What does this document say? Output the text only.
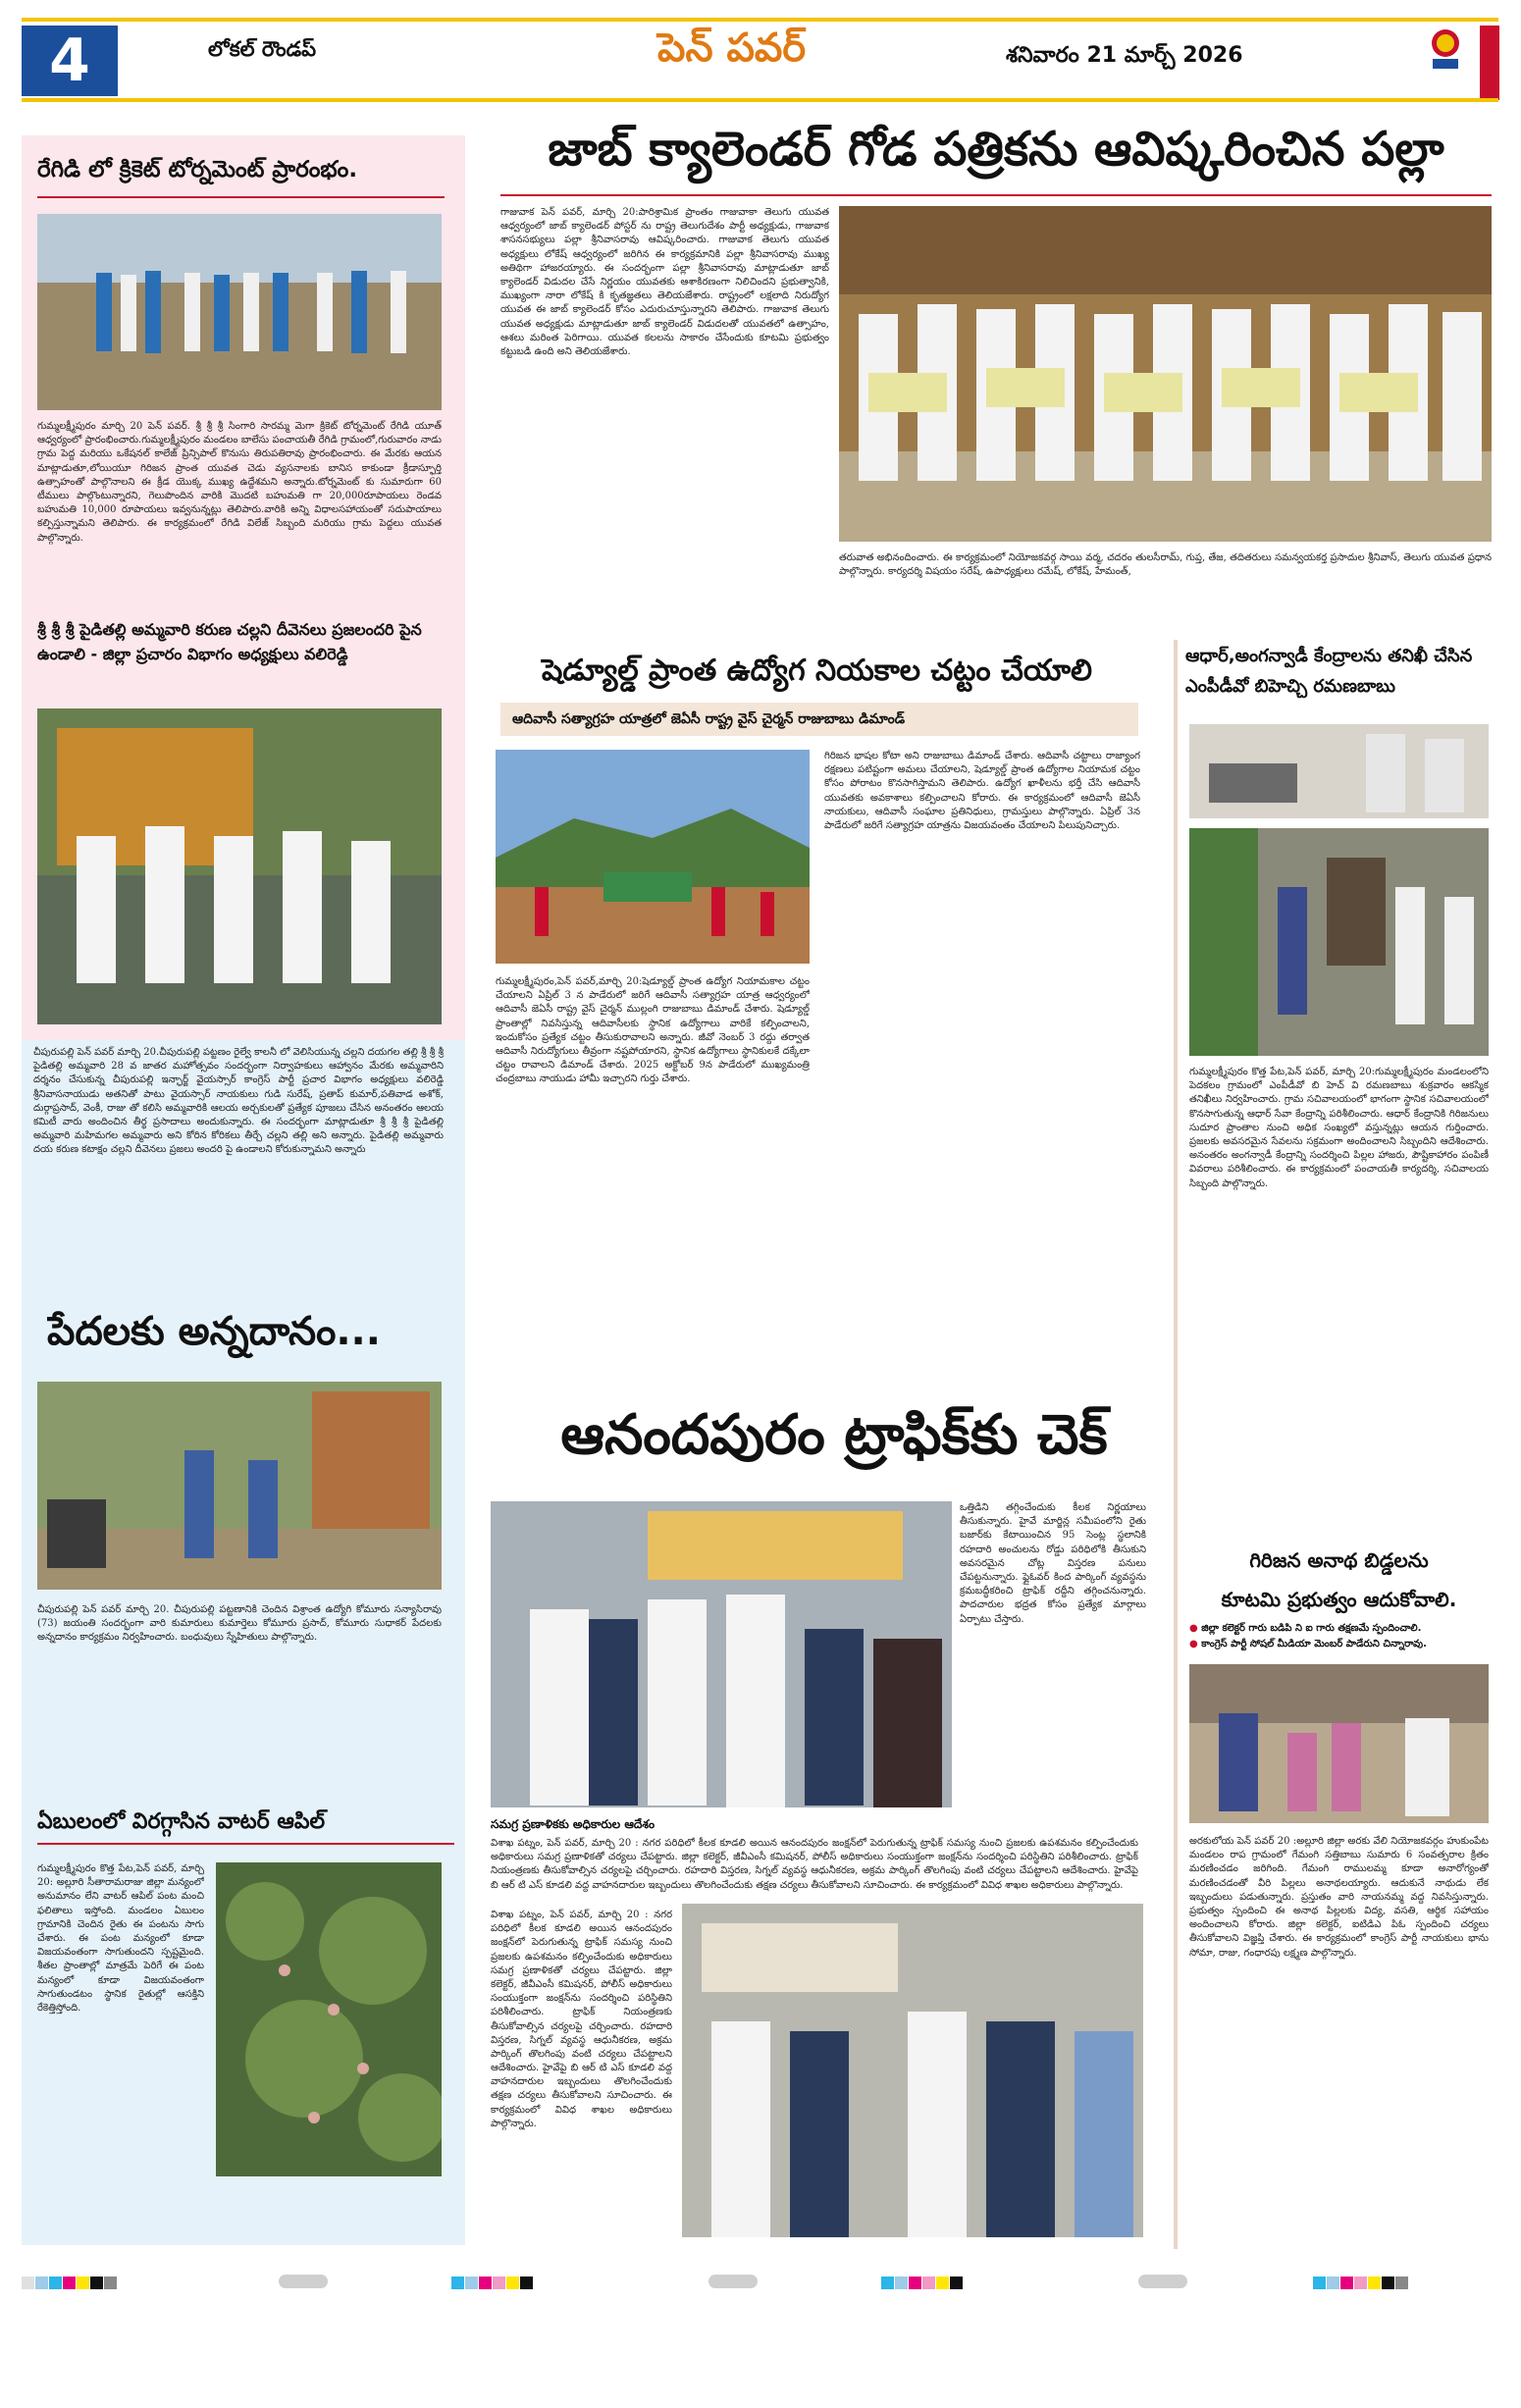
4	లోకల్ రౌండప్	పెన్ పవర్	శనివారం 21 మార్చ్ 2026
రేగిడి లో క్రికెట్ టోర్నమెంట్ ప్రారంభం.
గుమ్మలక్ష్మీపురం మార్చి 20 పెన్ పవర్. శ్రీ శ్రీ శ్రీ సింగారి సారమ్మ మెగా క్రికెట్ టోర్నమెంట్ రేగిడి యూత్ ఆధ్వర్యంలో ప్రారంభించారు.గుమ్మలక్ష్మీపురం మండలం బాలేసు పంచాయతీ రేగిడి గ్రామంలో,గురువారం నాడు గ్రామ పెద్ద మరియు ఒకేషనల్ కాలేజ్ ప్రిన్సిపాల్ కొనుసు తిరుపతిరావు ప్రారంభించారు. ఈ మేరకు ఆయన మాట్లాడుతూ,లోయియూ గిరిజన ప్రాంత యువత చెడు వ్యసనాలకు బానిస కాకుండా క్రీడాస్ఫూర్తి ఉత్సాహంతో పాల్గొనాలని ఈ క్రీడ యొక్క ముఖ్య ఉద్దేశమని అన్నారు.టోర్నమెంట్ కు సుమారుగా 60 టీములు పాల్గొంటున్నారని, గెలుపొందిన వారికి మొదటి బహుమతి గా 20,000రూపాయలు రెండవ బహుమతి 10,000 రూపాయలు ఇవ్వనున్నట్లు తెలిపారు.వారికి అన్ని విధాలసహాయంతో సదుపాయాలు కల్పిస్తున్నామని తెలిపారు. ఈ కార్యక్రమంలో రేగిడి విలేజ్ సిబ్బంది మరియు గ్రామ పెద్దలు యువత పాల్గొన్నారు.
శ్రీ శ్రీ శ్రీ పైడితల్లి అమ్మవారి కరుణ చల్లని దీవెనలు ప్రజలందరి పైన ఉండాలి - జిల్లా ప్రచారం విభాగం అధ్యక్షులు వలిరెడ్డి
చీపురుపల్లి పెన్ పవర్ మార్చి 20.చీపురుపల్లి పట్టణం రైల్వే కాలనీ లో వెలిసియున్న చల్లని దయగల తల్లి శ్రీ శ్రీ శ్రీ పైడితల్లి అమ్మవారి 28 వ జాతర మహోత్సవం సందర్భంగా నిర్వాహకులు ఆహ్వానం మేరకు అమ్మవారిని దర్శనం చేసుకున్న చీపురుపల్లి ఇన్ఛార్జ్ వైయస్సార్ కాంగ్రెస్ పార్టీ ప్రచార విభాగం అధ్యక్షులు వలిరెడ్డి శ్రీనివాసనాయుడు అతనితో పాటు వైయస్సార్ నాయకులు గుడి సురేష్, ప్రతాప్ కుమార్,పతివాడ అశోక్, దుర్గాప్రసాద్, వెంకీ, రాజు తో కలిసి అమ్మవారికి ఆలయ అర్చకులతో ప్రత్యేక పూజలు చేసిన అనంతరం ఆలయ కమిటీ వారు అందించిన తీర్థ ప్రసాదాలు అందుకున్నారు. ఈ సందర్భంగా మాట్లాడుతూ శ్రీ శ్రీ శ్రీ పైడితల్లి అమ్మవారి మహిమగల అమ్మవారు అని కోరిన కోరికలు తీర్చే చల్లని తల్లి అని అన్నారు. పైడితల్లి అమ్మవారు దయ కరుణ కటాక్షం చల్లని దీవెనలు ప్రజలు అందరి పై ఉండాలని కోరుకున్నామని అన్నారు
పేదలకు అన్నదానం...
చీపురుపల్లి పెన్ పవర్ మార్చి 20. చీపురుపల్లి పట్టణానికి చెందిన విశ్రాంత ఉద్యోగి కోమూరు సన్యాసిరావు (73) జయంతి సందర్భంగా వారి కుమారులు కుమార్తెలు కోమూరు ప్రసాద్, కోమూరు సుధాకర్ పేదలకు అన్నదానం కార్యక్రమం నిర్వహించారు. బంధువులు స్నేహితులు పాల్గొన్నారు.
ఏబులంలో విరగ్గాసిన వాటర్ ఆపిల్
గుమ్మలక్ష్మీపురం కొత్త పేట,పెన్ పవర్, మార్చి 20: అల్లూరి సీతారామరాజు జిల్లా మన్యంలో అనుమానం లేని వాటర్ ఆపిల్ పంట మంచి ఫలితాలు ఇస్తోంది. మండలం ఏబులం గ్రామానికి చెందిన రైతు ఈ పంటను సాగు చేశారు. ఈ పంట మన్యంలో కూడా విజయవంతంగా సాగుతుందని స్పష్టమైంది. శీతల ప్రాంతాల్లో మాత్రమే పెరిగే ఈ పంట మన్యంలో కూడా విజయవంతంగా సాగుతుండటం స్థానిక రైతుల్లో ఆసక్తిని రేకెత్తిస్తోంది.
జాబ్ క్యాలెండర్ గోడ పత్రికను ఆవిష్కరించిన పల్లా
గాజువాక పెన్ పవర్, మార్చి 20:పారిశ్రామిక ప్రాంతం గాజువాకా తెలుగు యువత ఆధ్వర్యంలో జాబ్ క్యాలెండర్ పోస్టర్ ను రాష్ట్ర తెలుగుదేశం పార్టీ అధ్యక్షుడు, గాజువాక శాసనసభ్యులు పల్లా శ్రీనివాసరావు ఆవిష్కరించారు. గాజువాక తెలుగు యువత అధ్యక్షులు లోకేష్ ఆధ్వర్యంలో జరిగిన ఈ కార్యక్రమానికి పల్లా శ్రీనివాసరావు ముఖ్య అతిథిగా హాజరయ్యారు. ఈ సందర్భంగా పల్లా శ్రీనివాసరావు మాట్లాడుతూ జాబ్ క్యాలెండర్ విడుదల చేసే నిర్ణయం యువతకు ఆశాకిరణంగా నిలిచిందని ప్రభుత్వానికి, ముఖ్యంగా నారా లోకేష్ కి కృతజ్ఞతలు తెలియజేశారు. రాష్ట్రంలో లక్షలాది నిరుద్యోగ యువత ఈ జాబ్ క్యాలెండర్ కోసం ఎదురుచూస్తున్నారని తెలిపారు. గాజువాక తెలుగు యువత అధ్యక్షుడు మాట్లాడుతూ జాబ్ క్యాలెండర్ విడుదలతో యువతలో ఉత్సాహం, ఆశలు మరింత పెరిగాయి. యువత కలలను సాకారం చేసేందుకు కూటమి ప్రభుత్వం కట్టుబడి ఉంది అని తెలియజేశారు.
తరువాత అభినందించారు. ఈ కార్యక్రమంలో నియోజకవర్గ సాయి వర్మ, చదరం తులసీరామ్, గుప్త, తేజ, తదితరులు సమన్వయకర్త ప్రసాదుల శ్రీనివాస్, తెలుగు యువత ప్రధాన పాల్గొన్నారు. కార్యదర్శి విషయం సరేష్, ఉపాధ్యక్షులు రమేష్, లోకేష్, హేమంత్,
షెడ్యూల్డ్ ప్రాంత ఉద్యోగ నియకాల చట్టం చేయాలి
ఆదివాసీ సత్యాగ్రహ యాత్రలో జెఏసీ రాష్ట్ర వైస్ చైర్మన్ రాజుబాబు డిమాండ్
గుమ్మలక్ష్మీపురం,పెన్ పవర్,మార్చి 20:షెడ్యూల్డ్ ప్రాంత ఉద్యోగ నియామకాల చట్టం చేయాలని ఏప్రిల్ 3 న పాడేరులో జరిగే ఆదివాసీ సత్యాగ్రహ యాత్ర ఆధ్వర్యంలో ఆదివాసీ జెఏసీ రాష్ట్ర వైస్ చైర్మన్ ముల్లంగి రాజుబాబు డిమాండ్ చేశారు. షెడ్యూల్డ్ ప్రాంతాల్లో నివసిస్తున్న ఆదివాసీలకు స్థానిక ఉద్యోగాలు వారికే కల్పించాలని, ఇందుకోసం ప్రత్యేక చట్టం తీసుకురావాలని అన్నారు. జీవో నెంబర్ 3 రద్దు తర్వాత ఆదివాసీ నిరుద్యోగులు తీవ్రంగా నష్టపోయారని, స్థానిక ఉద్యోగాలు స్థానికులకే దక్కేలా చట్టం రావాలని డిమాండ్ చేశారు. 2025 అక్టోబర్ 9న పాడేరులో ముఖ్యమంత్రి చంద్రబాబు నాయుడు హామీ ఇచ్చారని గుర్తు చేశారు.
గిరిజన భాషల కోటా అని రాజుబాబు డిమాండ్ చేశారు. ఆదివాసీ చట్టాలు రాజ్యాంగ రక్షణలు పటిష్టంగా అమలు చేయాలని, షెడ్యూల్డ్ ప్రాంత ఉద్యోగాల నియామక చట్టం కోసం పోరాటం కొనసాగిస్తామని తెలిపారు. ఉద్యోగ ఖాళీలను భర్తీ చేసి ఆదివాసీ యువతకు అవకాశాలు కల్పించాలని కోరారు. ఈ కార్యక్రమంలో ఆదివాసీ జెఏసీ నాయకులు, ఆదివాసీ సంఘాల ప్రతినిధులు, గ్రామస్తులు పాల్గొన్నారు. ఏప్రిల్ 3న పాడేరులో జరిగే సత్యాగ్రహ యాత్రను విజయవంతం చేయాలని పిలుపునిచ్చారు.
ఆధార్,అంగన్వాడీ కేంద్రాలను తనిఖీ చేసిన ఎంపీడీవో బిహెచ్చి రమణబాబు
గుమ్మలక్ష్మీపురం కొత్త పేట,పెన్ పవర్, మార్చి 20:గుమ్మలక్ష్మీపురం మండలంలోని పెదకలం గ్రామంలో ఎంపీడీవో బి హెచ్ వి రమణబాబు శుక్రవారం ఆకస్మిక తనిఖీలు నిర్వహించారు. గ్రామ సచివాలయంలో భాగంగా స్థానిక సచివాలయంలో కొనసాగుతున్న ఆధార్ సేవా కేంద్రాన్ని పరిశీలించారు. ఆధార్ కేంద్రానికి గిరిజనులు సుదూర ప్రాంతాల నుంచి అధిక సంఖ్యలో వస్తున్నట్లు ఆయన గుర్తించారు. ప్రజలకు అవసరమైన సేవలను సక్రమంగా అందించాలని సిబ్బందిని ఆదేశించారు. అనంతరం అంగన్వాడీ కేంద్రాన్ని సందర్శించి పిల్లల హాజరు, పౌష్టికాహారం పంపిణీ వివరాలు పరిశీలించారు. ఈ కార్యక్రమంలో పంచాయతీ కార్యదర్శి, సచివాలయ సిబ్బంది పాల్గొన్నారు.
ఆనందపురం ట్రాఫిక్‌కు చెక్
ఒత్తిడిని తగ్గించేందుకు కీలక నిర్ణయాలు తీసుకున్నారు. హైవే మార్జిన్ల సమీపంలోని రైతు బజార్‌కు కేటాయించిన 95 సెంట్ల స్థలానికి రహదారి అంచులను రోడ్డు పరిధిలోకి తీసుకుని అవసరమైన చోట్ల విస్తరణ పనులు చేపట్టనున్నారు. ఫ్లైఓవర్ కింద పార్కింగ్ వ్యవస్థను క్రమబద్ధీకరించి ట్రాఫిక్ రద్దీని తగ్గించనున్నారు. పాదచారుల భద్రత కోసం ప్రత్యేక మార్గాలు ఏర్పాటు చేస్తారు.
సమగ్ర ప్రణాళికకు అధికారుల ఆదేశం
విశాఖ పట్నం, పెన్ పవర్, మార్చి 20 : నగర పరిధిలో కీలక కూడలి అయిన ఆనందపురం జంక్షన్‌లో పెరుగుతున్న ట్రాఫిక్ సమస్య నుంచి ప్రజలకు ఉపశమనం కల్పించేందుకు అధికారులు సమగ్ర ప్రణాళికతో చర్యలు చేపట్టారు. జిల్లా కలెక్టర్, జీవీఎంసీ కమిషనర్, పోలీస్ అధికారులు సంయుక్తంగా జంక్షన్‌ను సందర్శించి పరిస్థితిని పరిశీలించారు. ట్రాఫిక్ నియంత్రణకు తీసుకోవాల్సిన చర్యలపై చర్చించారు. రహదారి విస్తరణ, సిగ్నల్ వ్యవస్థ ఆధునీకరణ, అక్రమ పార్కింగ్ తొలగింపు వంటి చర్యలు చేపట్టాలని ఆదేశించారు. హైవేపై బి ఆర్ టి ఎస్ కూడలి వద్ద వాహనదారుల ఇబ్బందులు తొలగించేందుకు తక్షణ చర్యలు తీసుకోవాలని సూచించారు. ఈ కార్యక్రమంలో వివిధ శాఖల అధికారులు పాల్గొన్నారు.
విశాఖ పట్నం, పెన్ పవర్, మార్చి 20 : నగర పరిధిలో కీలక కూడలి అయిన ఆనందపురం జంక్షన్‌లో పెరుగుతున్న ట్రాఫిక్ సమస్య నుంచి ప్రజలకు ఉపశమనం కల్పించేందుకు అధికారులు సమగ్ర ప్రణాళికతో చర్యలు చేపట్టారు. జిల్లా కలెక్టర్, జీవీఎంసీ కమిషనర్, పోలీస్ అధికారులు సంయుక్తంగా జంక్షన్‌ను సందర్శించి పరిస్థితిని పరిశీలించారు. ట్రాఫిక్ నియంత్రణకు తీసుకోవాల్సిన చర్యలపై చర్చించారు. రహదారి విస్తరణ, సిగ్నల్ వ్యవస్థ ఆధునీకరణ, అక్రమ పార్కింగ్ తొలగింపు వంటి చర్యలు చేపట్టాలని ఆదేశించారు. హైవేపై బి ఆర్ టి ఎస్ కూడలి వద్ద వాహనదారుల ఇబ్బందులు తొలగించేందుకు తక్షణ చర్యలు తీసుకోవాలని సూచించారు. ఈ కార్యక్రమంలో వివిధ శాఖల అధికారులు పాల్గొన్నారు.
గిరిజన అనాథ బిడ్డలను
కూటమి ప్రభుత్వం ఆదుకోవాలి.
● జిల్లా కలెక్టర్ గారు బడిపి ని ఐ గారు తక్షణమే స్పందించాలి.
● కాంగ్రెస్ పార్టీ సోషల్ మీడియా మెంబర్ పాడేరుని చిన్నారావు.
అరకులోయ పెన్ పవర్ 20 :అల్లూరి జిల్లా అరకు వేలి నియోజకవర్గం హుకుంపేట మండలం రాప గ్రామంలో గేమంగి సత్తిబాబు సుమారు 6 సంవత్సరాల క్రితం మరణించడం జరిగింది. గేమంగి రాములమ్మ కూడా అనారోగ్యంతో మరణించడంతో వీరి పిల్లలు అనాథలయ్యారు. ఆదుకునే నాథుడు లేక ఇబ్బందులు పడుతున్నారు. ప్రస్తుతం వారి నాయనమ్మ వద్ద నివసిస్తున్నారు. ప్రభుత్వం స్పందించి ఈ అనాథ పిల్లలకు విద్య, వసతి, ఆర్థిక సహాయం అందించాలని కోరారు. జిల్లా కలెక్టర్, ఐటిడిఎ పిఓ స్పందించి చర్యలు తీసుకోవాలని విజ్ఞప్తి చేశారు. ఈ కార్యక్రమంలో కాంగ్రెస్ పార్టీ నాయకులు భాను సోమా, రాజు, గంధారపు లక్ష్మణ పాల్గొన్నారు.
